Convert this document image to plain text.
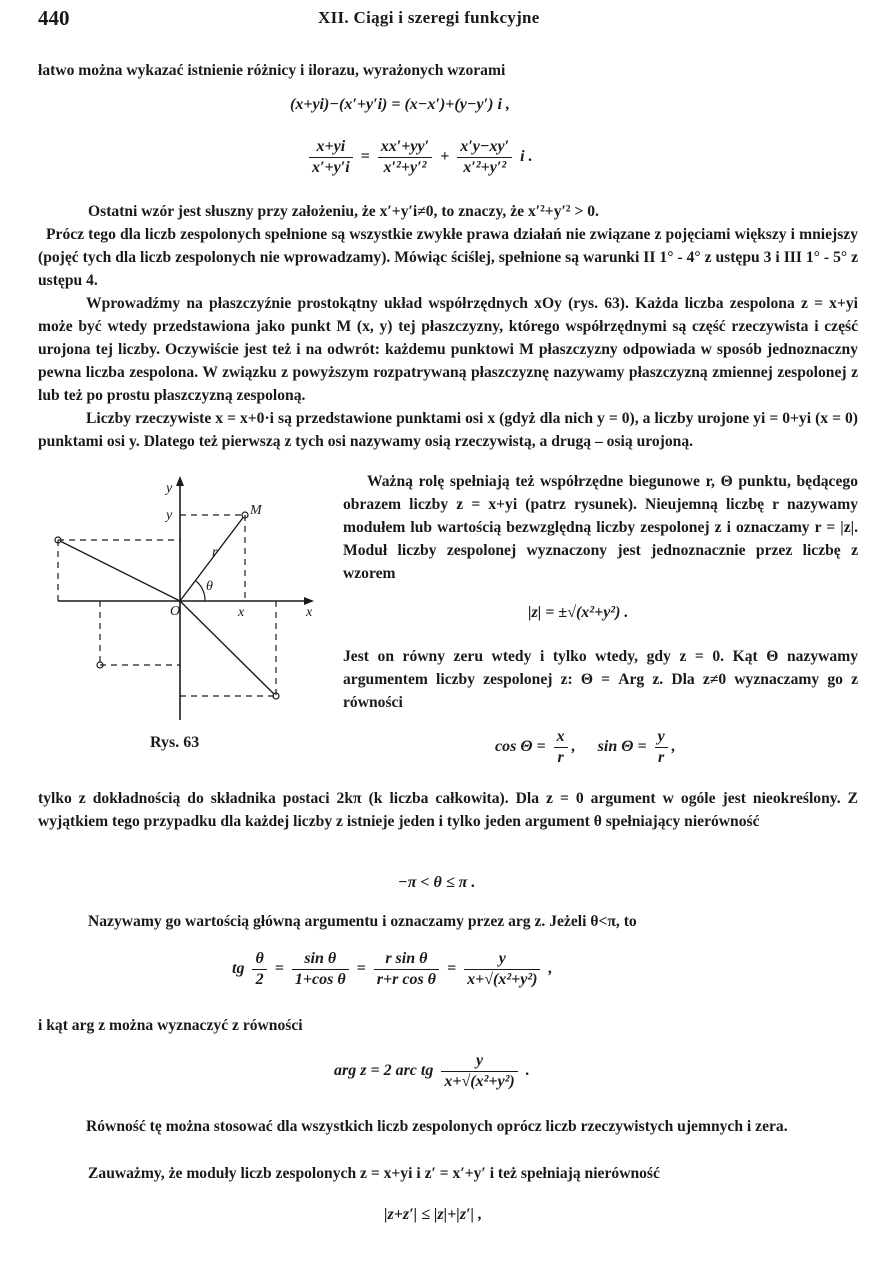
440	XII. Ciągi i szeregi funkcyjne
łatwo można wykazać istnienie różnicy i ilorazu, wyrażonych wzorami
(x+yi)−(x′+y′i) = (x−x′)+(y−y′) i ,
$\frac{x+yi}{x'+y'i} = \frac{xx'+yy'}{\text{x′²+y′²}} + \frac{x'y-xy'}{\text{x′²+y′²}}$ i .
Ostatni wzór jest słuszny przy założeniu, że x′+y′i≠0, to znaczy, że x′²+y′² > 0.
Prócz tego dla liczb zespolonych spełnione są wszystkie zwykłe prawa działań nie związane z pojęciami większy i mniejszy (pojęć tych dla liczb zespolonych nie wprowadzamy). Mówiąc ściślej, spełnione są warunki II 1° - 4° z ustępu 3 i III 1° - 5° z ustępu 4.
Wprowadźmy na płaszczyźnie prostokątny układ współrzędnych xOy (rys. 63). Każda liczba zespolona z = x+yi może być wtedy przedstawiona jako punkt M (x, y) tej płaszczyzny, którego współrzędnymi są część rzeczywista i część urojona tej liczby. Oczywiście jest też i na odwrót: każdemu punktowi M płaszczyzny odpowiada w sposób jednoznaczny pewna liczba zespolona. W związku z powyższym rozpatrywaną płaszczyznę nazywamy płaszczyzną zmiennej zespolonej z lub też po prostu płaszczyzną zespoloną.
Liczby rzeczywiste x = x+0·i są przedstawione punktami osi x (gdyż dla nich y = 0), a liczby urojone yi = 0+yi (x = 0) punktami osi y. Dlatego też pierwszą z tych osi nazywamy osią rzeczywistą, a drugą – osią urojoną.
y
y	M
r
θ
O	x	x
Rys. 63
Ważną rolę spełniają też współrzędne biegunowe r, Θ punktu, będącego obrazem liczby z = x+yi (patrz rysunek). Nieujemną liczbę r nazywamy modułem lub wartością bezwzględną liczby zespolonej z i oznaczamy r = |z|. Moduł liczby zespolonej wyznaczony jest jednoznacznie przez liczbę z wzorem
|z| = ±√(x²+y²) .
Jest on równy zeru wtedy i tylko wtedy, gdy z = 0. Kąt Θ nazywamy argumentem liczby zespolonej z: Θ = Arg z. Dla z≠0 wyznaczamy go z równości
$\cos \Theta = \frac{x}{r}$ , $\sin \Theta = \frac{y}{r}$ ,
tylko z dokładnością do składnika postaci 2kπ (k liczba całkowita). Dla z = 0 argument w ogóle jest nieokreślony. Z wyjątkiem tego przypadku dla każdej liczby z istnieje jeden i tylko jeden argument θ spełniający nierówność
−π < θ ≤ π .
Nazywamy go wartością główną argumentu i oznaczamy przez arg z. Jeżeli θ<π, to
tg $\frac{\theta}{2} = \frac{\text{sin θ}}{\text{1+cos θ}} = \frac{\text{r sin θ}}{\text{r+r cos θ}} = \frac{y}{\text{x+√(x²+y²)}}$ ,
i kąt arg z można wyznaczyć z równości
arg z = 2 arc tg $\frac{y}{\text{x+√(x²+y²)}}$ .
Równość tę można stosować dla wszystkich liczb zespolonych oprócz liczb rzeczywistych ujemnych i zera.
Zauważmy, że moduły liczb zespolonych z = x+yi i z′ = x′+y′ i też spełniają nierówność
|z+z′| ≤ |z|+|z′| ,
